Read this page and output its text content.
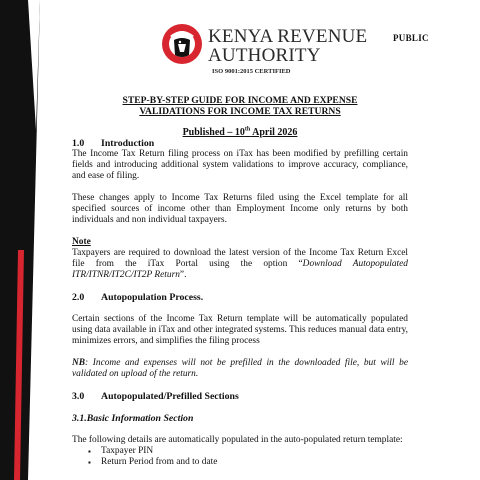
KENYA REVENUE
AUTHORITY
ISO 9001:2015 CERTIFIED
PUBLIC
STEP-BY-STEP GUIDE FOR INCOME AND EXPENSE
VALIDATIONS FOR INCOME TAX RETURNS
Published – 10th April 2026
1.0 Introduction

The Income Tax Return filing process on iTax has been modified by prefilling certain fields and introducing additional system validations to improve accuracy, compliance, and ease of filing.

These changes apply to Income Tax Returns filed using the Excel template for all specified sources of income other than Employment Income only returns by both individuals and non individual taxpayers.

Note

Taxpayers are required to download the latest version of the Income Tax Return Excel file from the iTax Portal using the option “Download Autopopulated ITR/ITNR/IT2C/IT2P Return”.

2.0 Autopopulation Process.

Certain sections of the Income Tax Return template will be automatically populated using data available in iTax and other integrated systems. This reduces manual data entry, minimizes errors, and simplifies the filing process

NB: Income and expenses will not be prefilled in the downloaded file, but will be validated on upload of the return.

3.0 Autopopulated/Prefilled Sections
3.1.Basic Information Section

The following details are automatically populated in the auto-populated return template:

▪ Taxpayer PIN
▪ Return Period from and to date
